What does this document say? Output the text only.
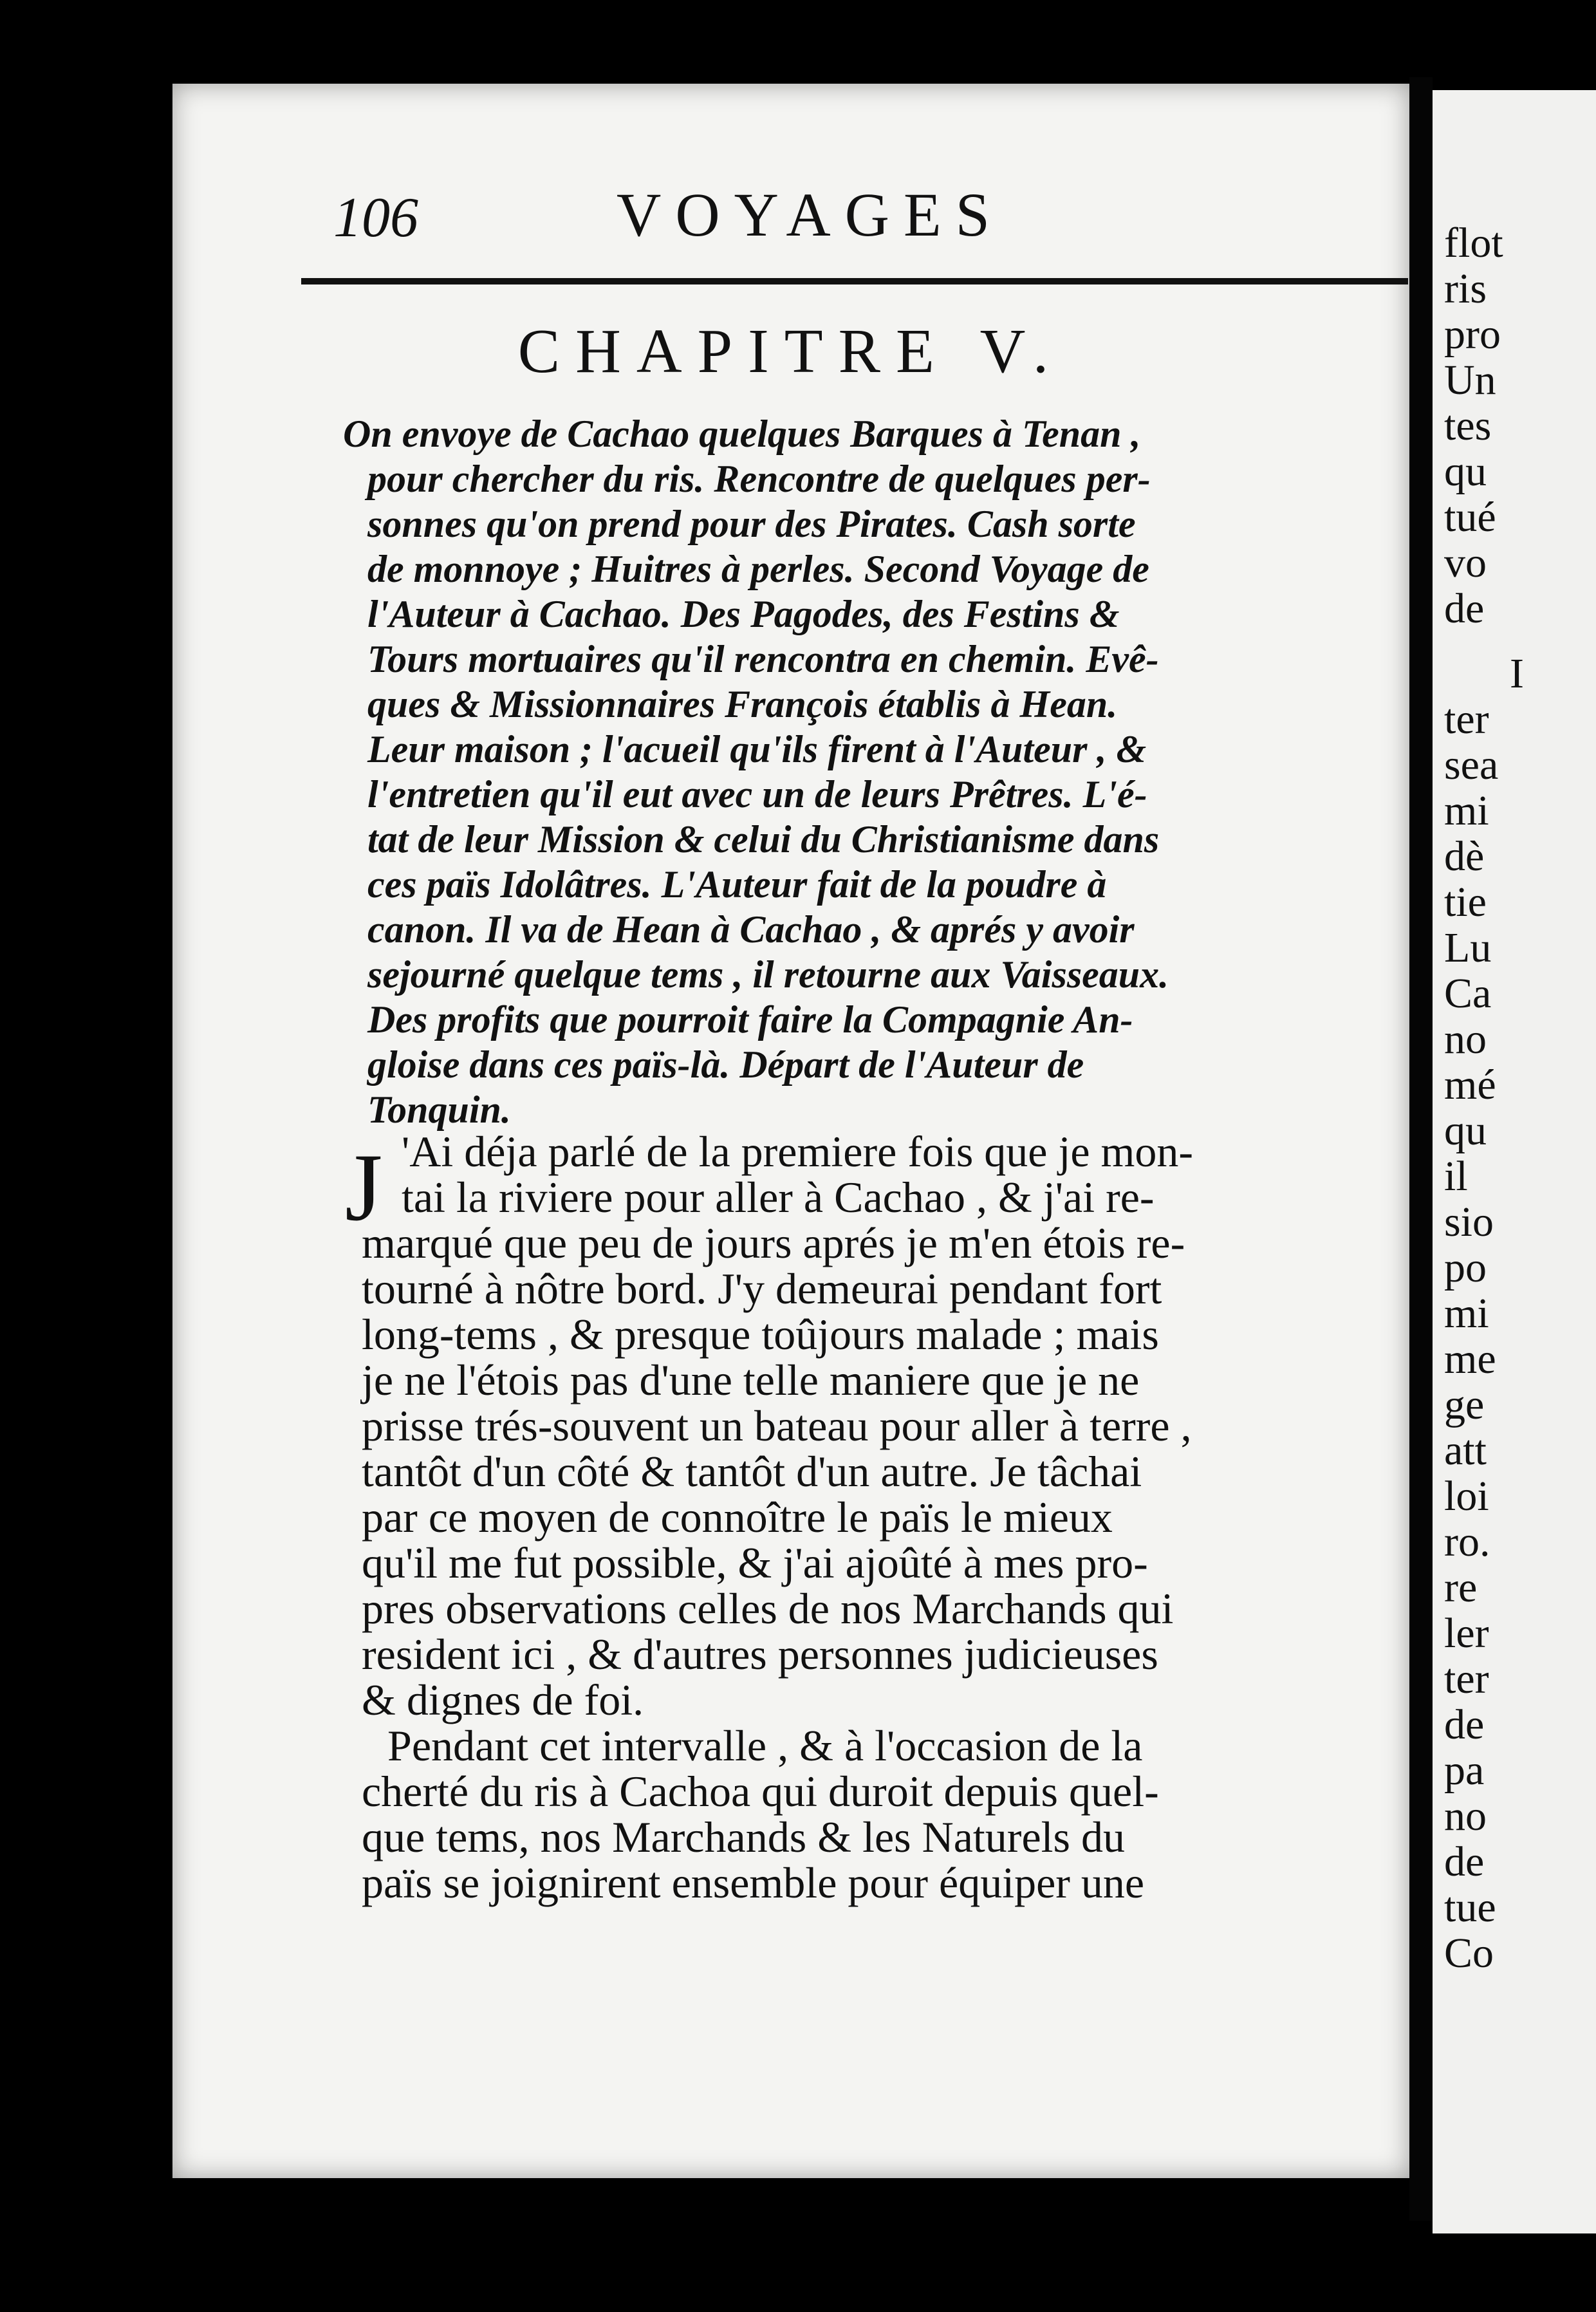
106	VOYAGES
CHAPITRE V.
On envoye de Cachao quelques Barques à Tenan ,
pour chercher du ris. Rencontre de quelques per-
sonnes qu'on prend pour des Pirates. Cash sorte
de monnoye ; Huitres à perles. Second Voyage de
l'Auteur à Cachao. Des Pagodes, des Festins &
Tours mortuaires qu'il rencontra en chemin. Evê-
ques & Missionnaires François établis à Hean.
Leur maison ; l'acueil qu'ils firent à l'Auteur , &
l'entretien qu'il eut avec un de leurs Prêtres. L'é-
tat de leur Mission & celui du Christianisme dans
ces païs Idolâtres. L'Auteur fait de la poudre à
canon. Il va de Hean à Cachao , & aprés y avoir
sejourné quelque tems , il retourne aux Vaisseaux.
Des profits que pourroit faire la Compagnie An-
gloise dans ces païs-là. Départ de l'Auteur de
Tonquin.
J 'Ai déja parlé de la premiere fois que je mon-
tai la riviere pour aller à Cachao , & j'ai re-
marqué que peu de jours aprés je m'en étois re-
tourné à nôtre bord. J'y demeurai pendant fort
long-tems , & presque toûjours malade ; mais
je ne l'étois pas d'une telle maniere que je ne
prisse trés-souvent un bateau pour aller à terre ,
tantôt d'un côté & tantôt d'un autre. Je tâchai
par ce moyen de connoître le païs le mieux
qu'il me fut possible, & j'ai ajoûté à mes pro-
pres observations celles de nos Marchands qui
resident ici , & d'autres personnes judicieuses
& dignes de foi.
Pendant cet intervalle , & à l'occasion de la
cherté du ris à Cachoa qui duroit depuis quel-
que tems, nos Marchands & les Naturels du
païs se joignirent ensemble pour équiper une
flot
ris
pro
Un
tes
qu
tué
vo
de
I
ter
sea
mi
dè
tie
Lu
Ca
no
mé
qu
il
sio
po
mi
me
ge
att
loi
ro.
re
ler
ter
de
pa
no
de
tue
Co
